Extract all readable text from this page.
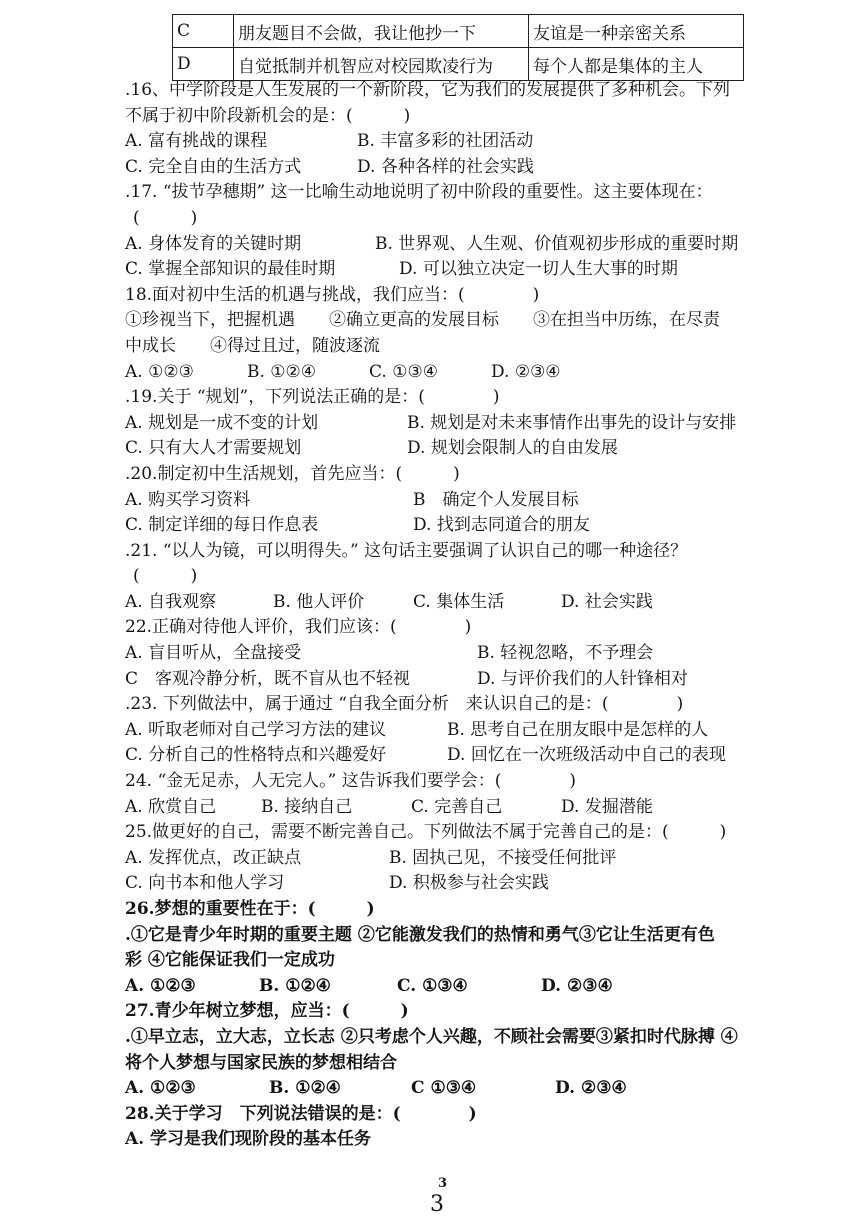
C	朋友题目不会做，我让他抄一下	友谊是一种亲密关系
D	自觉抵制并机智应对校园欺凌行为	每个人都是集体的主人
.16、中学阶段是人生发展的一个新阶段，它为我们的发展提供了多种机会。下列
不属于初中阶段新机会的是：(　　　)
A. 富有挑战的课程	B. 丰富多彩的社团活动
C. 完全自由的生活方式	D. 各种各样的社会实践
.17. “拔节孕穗期” 这一比喻生动地说明了初中阶段的重要性。这主要体现在：
(　　　)
A. 身体发育的关键时期	B. 世界观、人生观、价值观初步形成的重要时期
C. 掌握全部知识的最佳时期	D. 可以独立决定一切人生大事的时期
18.面对初中生活的机遇与挑战，我们应当：(　　　　)
①珍视当下，把握机遇　　②确立更高的发展目标　　③在担当中历练，在尽责
中成长　　④得过且过，随波逐流
A. ①②③	B. ①②④	C. ①③④	D. ②③④
.19.关于 “规划”，下列说法正确的是：(　　　　)
A. 规划是一成不变的计划	B. 规划是对未来事情作出事先的设计与安排
C. 只有大人才需要规划	D. 规划会限制人的自由发展
.20.制定初中生活规划，首先应当：(　　　)
A. 购买学习资料	B　确定个人发展目标
C. 制定详细的每日作息表	D. 找到志同道合的朋友
.21. “以人为镜，可以明得失。” 这句话主要强调了认识自己的哪一种途径？
(　　　)
A. 自我观察	B. 他人评价	C. 集体生活	D. 社会实践
22.正确对待他人评价，我们应该：(　　　　)
A. 盲目听从，全盘接受	B. 轻视忽略，不予理会
C　客观冷静分析，既不盲从也不轻视	D. 与评价我们的人针锋相对
.23. 下列做法中，属于通过 “自我全面分析　来认识自己的是：(　　　　)
A. 听取老师对自己学习方法的建议	B. 思考自己在朋友眼中是怎样的人
C. 分析自己的性格特点和兴趣爱好	D. 回忆在一次班级活动中自己的表现
24. “金无足赤，人无完人。” 这告诉我们要学会：(　　　　)
A. 欣赏自己	B. 接纳自己	C. 完善自己	D. 发掘潜能
25.做更好的自己，需要不断完善自己。下列做法不属于完善自己的是：(　　　)
A. 发挥优点，改正缺点	B. 固执己见，不接受任何批评
C. 向书本和他人学习	D. 积极参与社会实践
26.梦想的重要性在于：(　　　)
.①它是青少年时期的重要主题 ②它能激发我们的热情和勇气③它让生活更有色
彩 ④它能保证我们一定成功
A. ①②③	B. ①②④	C. ①③④	D. ②③④
27.青少年树立梦想，应当：(　　　)
.①早立志，立大志，立长志 ②只考虑个人兴趣，不顾社会需要③紧扣时代脉搏 ④
将个人梦想与国家民族的梦想相结合
A. ①②③	B. ①②④	C ①③④	D. ②③④
28.关于学习　下列说法错误的是：(　　　　)
A. 学习是我们现阶段的基本任务
3
3
